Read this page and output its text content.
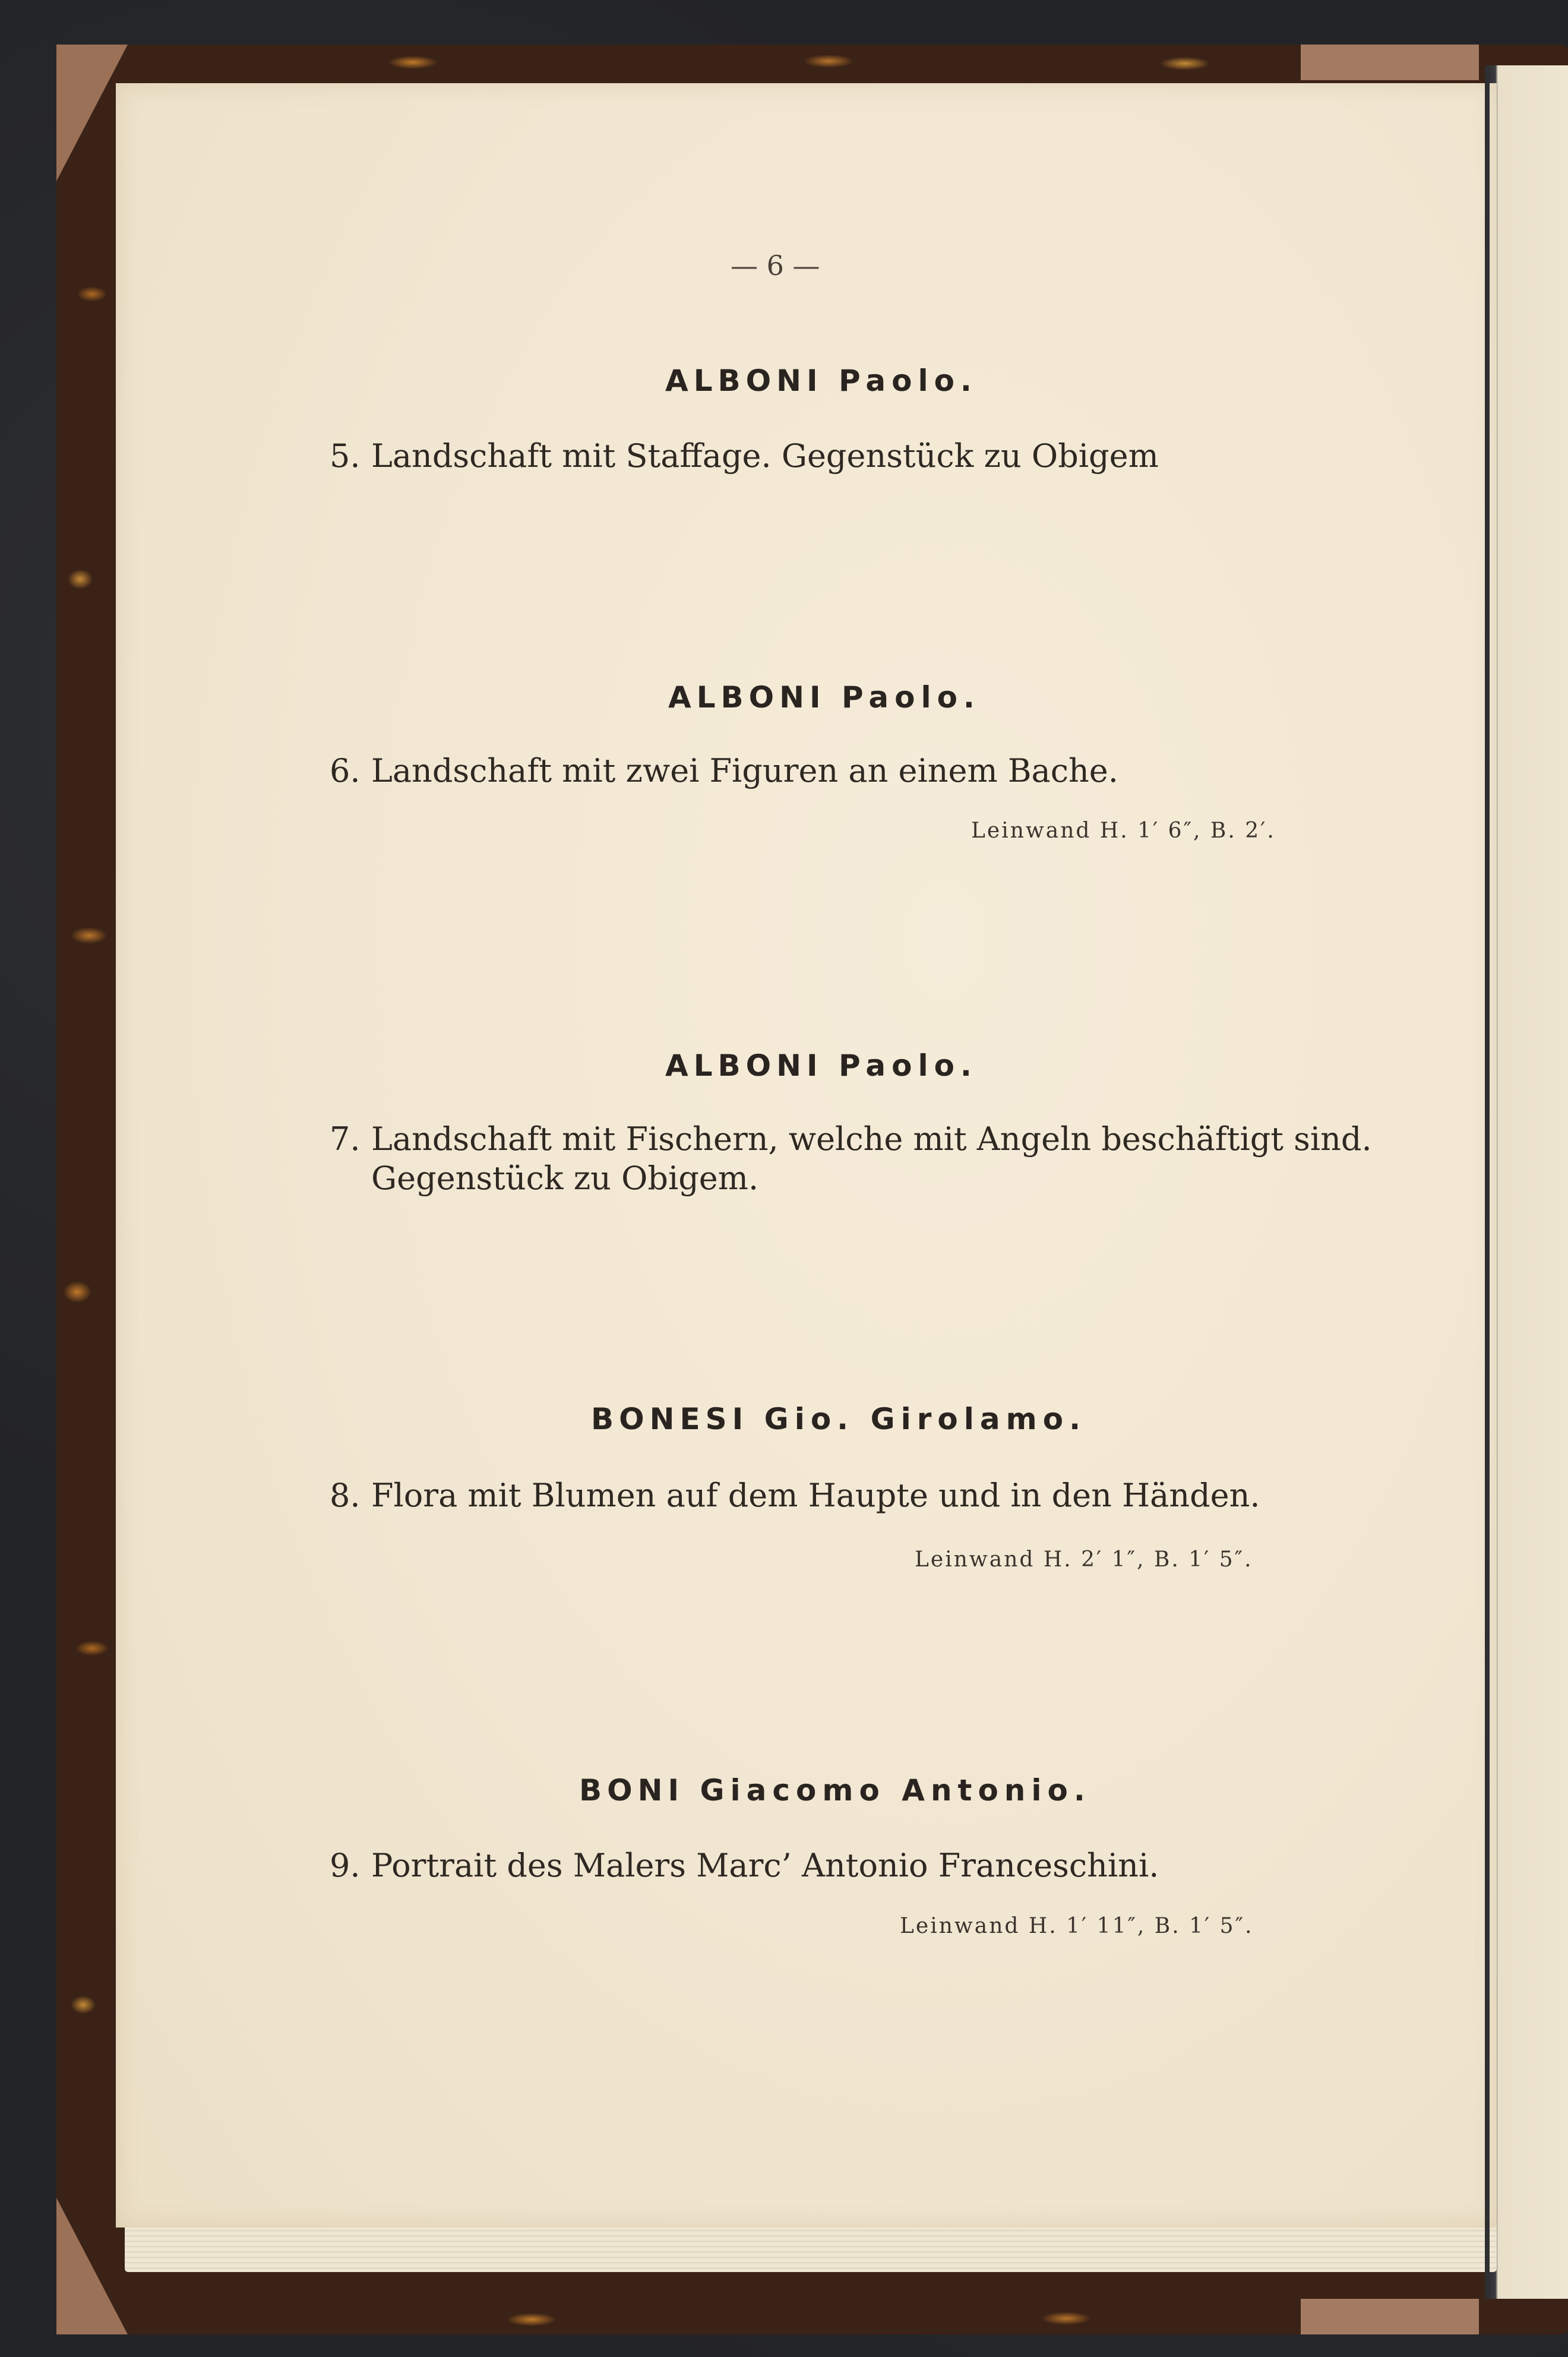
— 6 —
ALBONI Paolo.
5. Landschaft mit Staffage. Gegenstück zu Obigem
ALBONI Paolo.
6. Landschaft mit zwei Figuren an einem Bache.
Leinwand H. 1′ 6″, B. 2′.
ALBONI Paolo.
7. Landschaft mit Fischern, welche mit Angeln beschäftigt sind.
Gegenstück zu Obigem.
BONESI Gio. Girolamo.
8. Flora mit Blumen auf dem Haupte und in den Händen.
Leinwand H. 2′ 1″, B. 1′ 5″.
BONI Giacomo Antonio.
9. Portrait des Malers Marc’ Antonio Franceschini.
Leinwand H. 1′ 11″, B. 1′ 5″.
